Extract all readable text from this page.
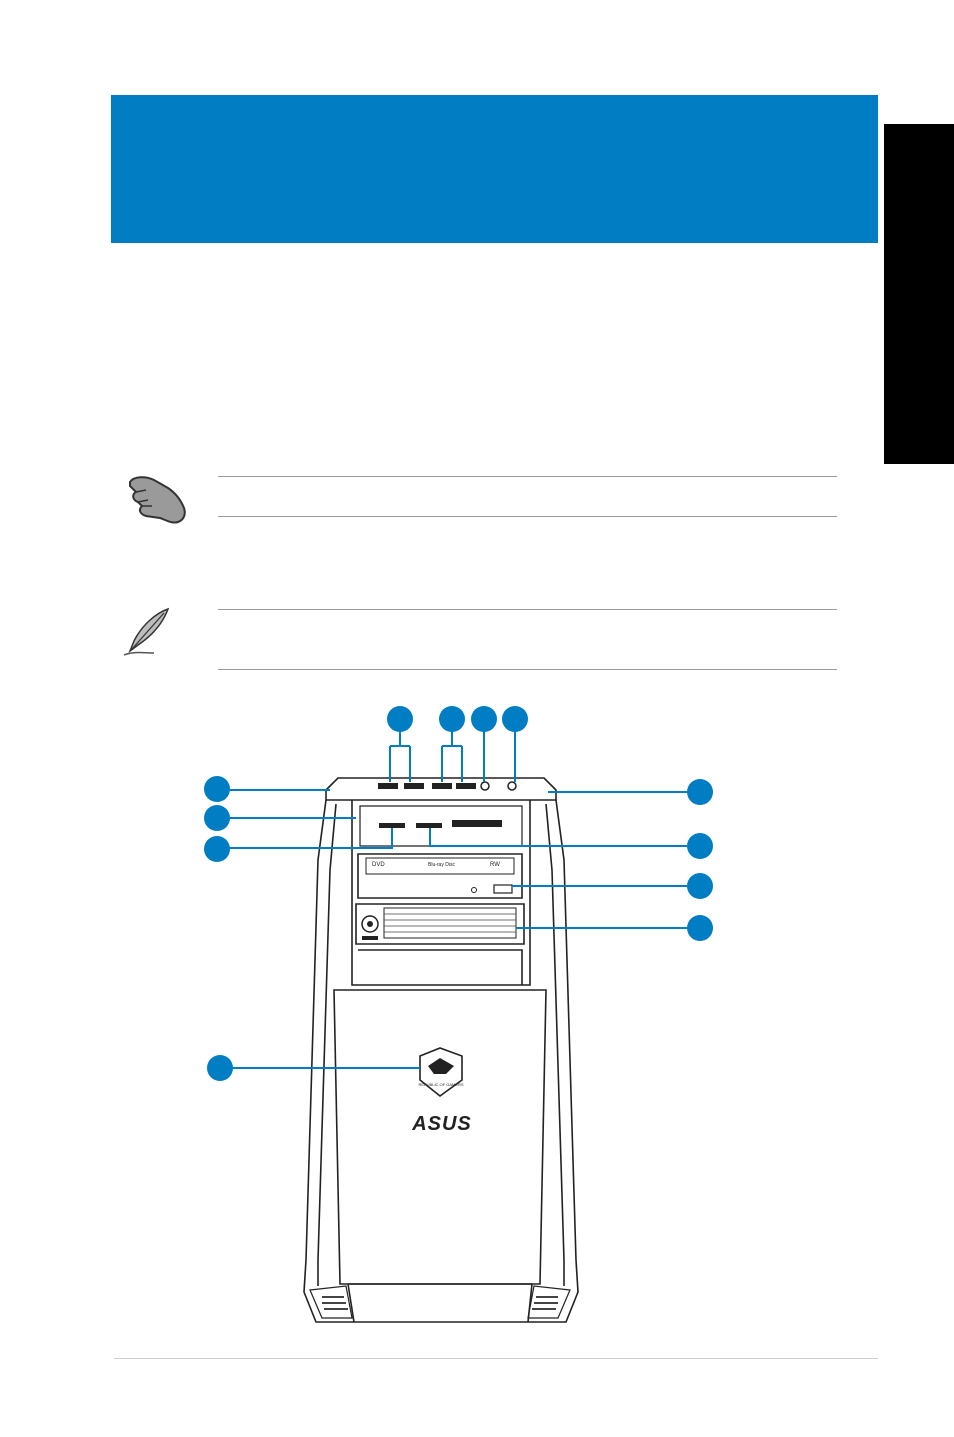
DVD	Blu-ray Disc	RW
REPUBLIC OF GAMERS
ASUS
